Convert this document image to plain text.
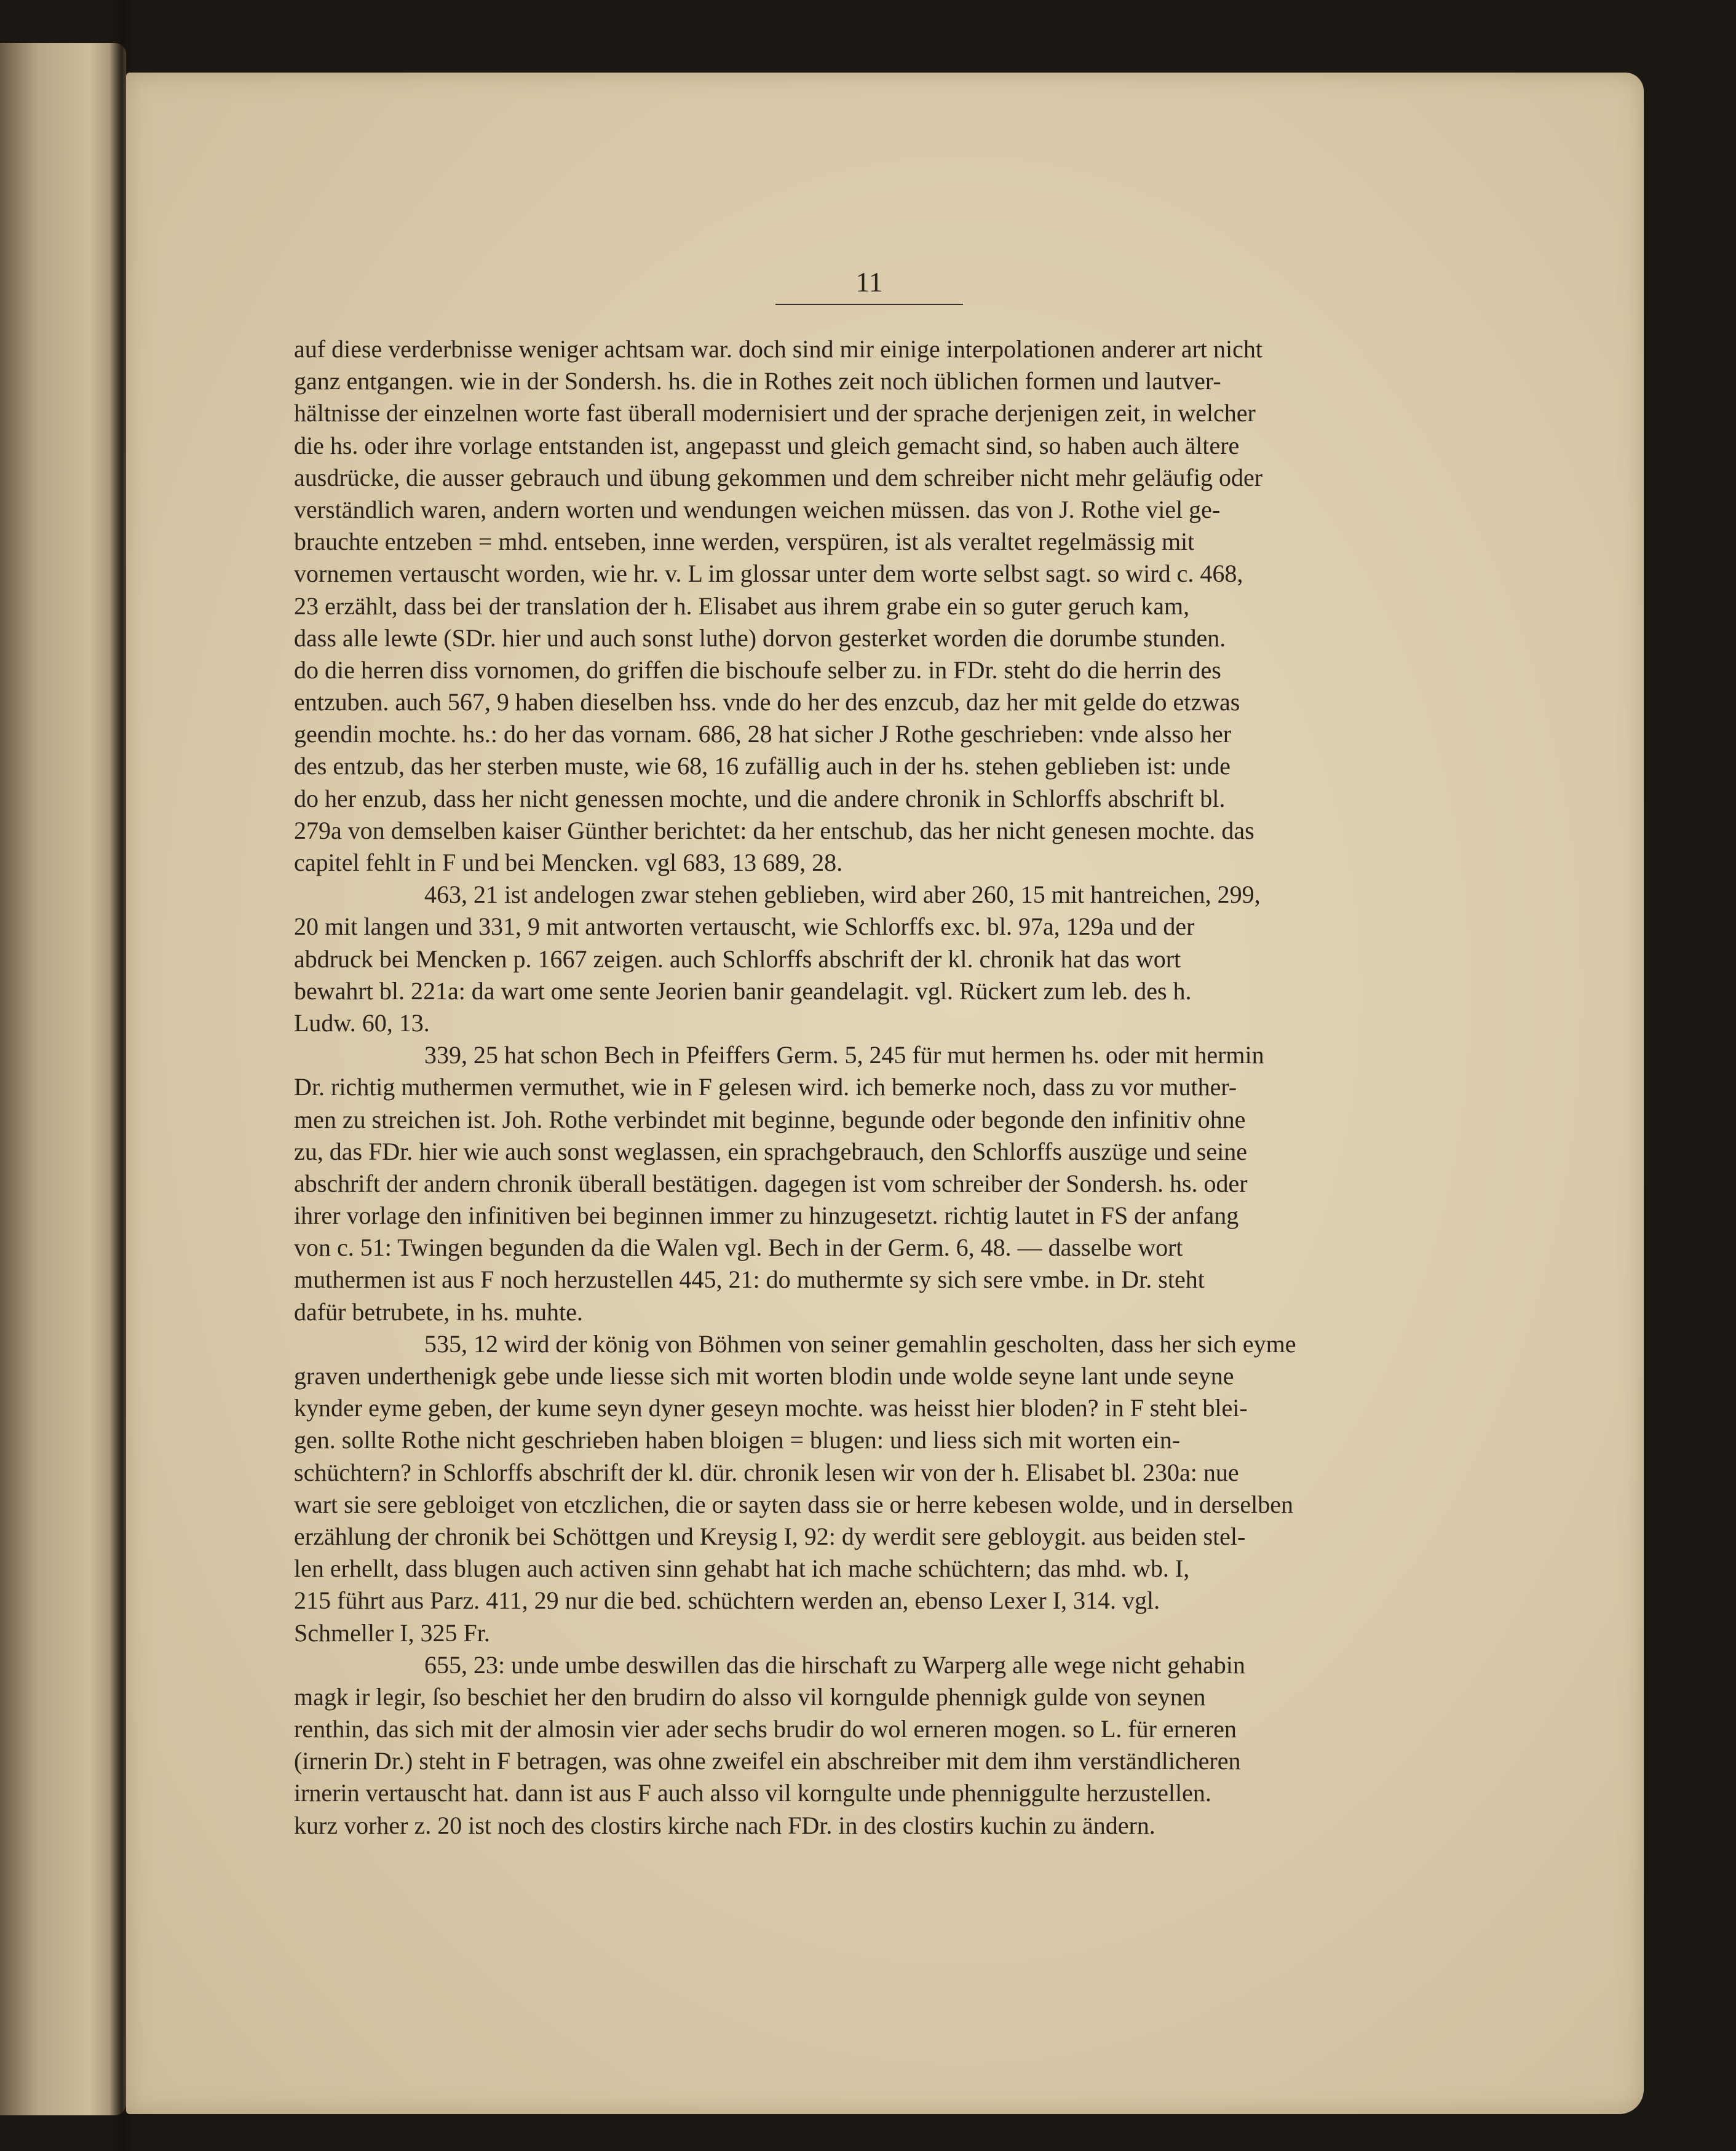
11
auf diese verderbnisse weniger achtsam war. doch sind mir einige interpolationen anderer art nicht
ganz entgangen. wie in der Sondersh. hs. die in Rothes zeit noch üblichen formen und lautver-
hältnisse der einzelnen worte fast überall modernisiert und der sprache derjenigen zeit, in welcher
die hs. oder ihre vorlage entstanden ist, angepasst und gleich gemacht sind, so haben auch ältere
ausdrücke, die ausser gebrauch und übung gekommen und dem schreiber nicht mehr geläufig oder
verständlich waren, andern worten und wendungen weichen müssen. das von J. Rothe viel ge-
brauchte entzeben = mhd. entseben, inne werden, verspüren, ist als veraltet regelmässig mit
vornemen vertauscht worden, wie hr. v. L im glossar unter dem worte selbst sagt. so wird c. 468,
23 erzählt, dass bei der translation der h. Elisabet aus ihrem grabe ein so guter geruch kam,
dass alle lewte (SDr. hier und auch sonst luthe) dorvon gesterket worden die dorumbe stunden.
do die herren diss vornomen, do griffen die bischoufe selber zu. in FDr. steht do die herrin des
entzuben. auch 567, 9 haben dieselben hss. vnde do her des enzcub, daz her mit gelde do etzwas
geendin mochte. hs.: do her das vornam. 686, 28 hat sicher J Rothe geschrieben: vnde alsso her
des entzub, das her sterben muste, wie 68, 16 zufällig auch in der hs. stehen geblieben ist: unde
do her enzub, dass her nicht genessen mochte, und die andere chronik in Schlorffs abschrift bl.
279a von demselben kaiser Günther berichtet: da her entschub, das her nicht genesen mochte. das
capitel fehlt in F und bei Mencken. vgl 683, 13 689, 28.
463, 21 ist andelogen zwar stehen geblieben, wird aber 260, 15 mit hantreichen, 299,
20 mit langen und 331, 9 mit antworten vertauscht, wie Schlorffs exc. bl. 97a, 129a und der
abdruck bei Mencken p. 1667 zeigen. auch Schlorffs abschrift der kl. chronik hat das wort
bewahrt bl. 221a: da wart ome sente Jeorien banir geandelagit. vgl. Rückert zum leb. des h.
Ludw. 60, 13.
339, 25 hat schon Bech in Pfeiffers Germ. 5, 245 für mut hermen hs. oder mit hermin
Dr. richtig muthermen vermuthet, wie in F gelesen wird. ich bemerke noch, dass zu vor muther-
men zu streichen ist. Joh. Rothe verbindet mit beginne, begunde oder begonde den infinitiv ohne
zu, das FDr. hier wie auch sonst weglassen, ein sprachgebrauch, den Schlorffs auszüge und seine
abschrift der andern chronik überall bestätigen. dagegen ist vom schreiber der Sondersh. hs. oder
ihrer vorlage den infinitiven bei beginnen immer zu hinzugesetzt. richtig lautet in FS der anfang
von c. 51: Twingen begunden da die Walen vgl. Bech in der Germ. 6, 48. — dasselbe wort
muthermen ist aus F noch herzustellen 445, 21: do muthermte sy sich sere vmbe. in Dr. steht
dafür betrubete, in hs. muhte.
535, 12 wird der könig von Böhmen von seiner gemahlin gescholten, dass her sich eyme
graven underthenigk gebe unde liesse sich mit worten blodin unde wolde seyne lant unde seyne
kynder eyme geben, der kume seyn dyner geseyn mochte. was heisst hier bloden? in F steht blei-
gen. sollte Rothe nicht geschrieben haben bloigen = blugen: und liess sich mit worten ein-
schüchtern? in Schlorffs abschrift der kl. dür. chronik lesen wir von der h. Elisabet bl. 230a: nue
wart sie sere gebloiget von etczlichen, die or sayten dass sie or herre kebesen wolde, und in derselben
erzählung der chronik bei Schöttgen und Kreysig I, 92: dy werdit sere gebloygit. aus beiden stel-
len erhellt, dass blugen auch activen sinn gehabt hat ich mache schüchtern; das mhd. wb. I,
215 führt aus Parz. 411, 29 nur die bed. schüchtern werden an, ebenso Lexer I, 314. vgl.
Schmeller I, 325 Fr.
655, 23: unde umbe deswillen das die hirschaft zu Warperg alle wege nicht gehabin
magk ir legir, ſso beschiet her den brudirn do alsso vil korngulde phennigk gulde von seynen
renthin, das sich mit der almosin vier ader sechs brudir do wol erneren mogen. so L. für erneren
(irnerin Dr.) steht in F betragen, was ohne zweifel ein abschreiber mit dem ihm verständlicheren
irnerin vertauscht hat. dann ist aus F auch alsso vil korngulte unde phenniggulte herzustellen.
kurz vorher z. 20 ist noch des clostirs kirche nach FDr. in des clostirs kuchin zu ändern.
